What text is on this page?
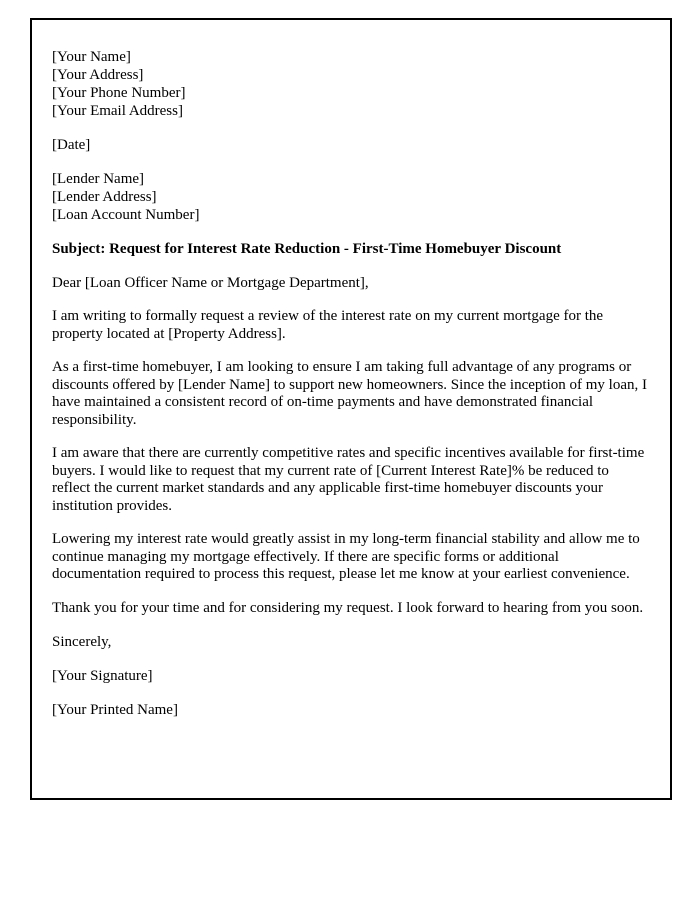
[Your Name]
[Your Address]
[Your Phone Number]
[Your Email Address]
[Date]
[Lender Name]
[Lender Address]
[Loan Account Number]
Subject: Request for Interest Rate Reduction - First-Time Homebuyer Discount
Dear [Loan Officer Name or Mortgage Department],
I am writing to formally request a review of the interest rate on my current mortgage for the property located at [Property Address].
As a first-time homebuyer, I am looking to ensure I am taking full advantage of any programs or discounts offered by [Lender Name] to support new homeowners. Since the inception of my loan, I have maintained a consistent record of on-time payments and have demonstrated financial responsibility.
I am aware that there are currently competitive rates and specific incentives available for first-time buyers. I would like to request that my current rate of [Current Interest Rate]% be reduced to reflect the current market standards and any applicable first-time homebuyer discounts your institution provides.
Lowering my interest rate would greatly assist in my long-term financial stability and allow me to continue managing my mortgage effectively. If there are specific forms or additional documentation required to process this request, please let me know at your earliest convenience.
Thank you for your time and for considering my request. I look forward to hearing from you soon.
Sincerely,
[Your Signature]
[Your Printed Name]
